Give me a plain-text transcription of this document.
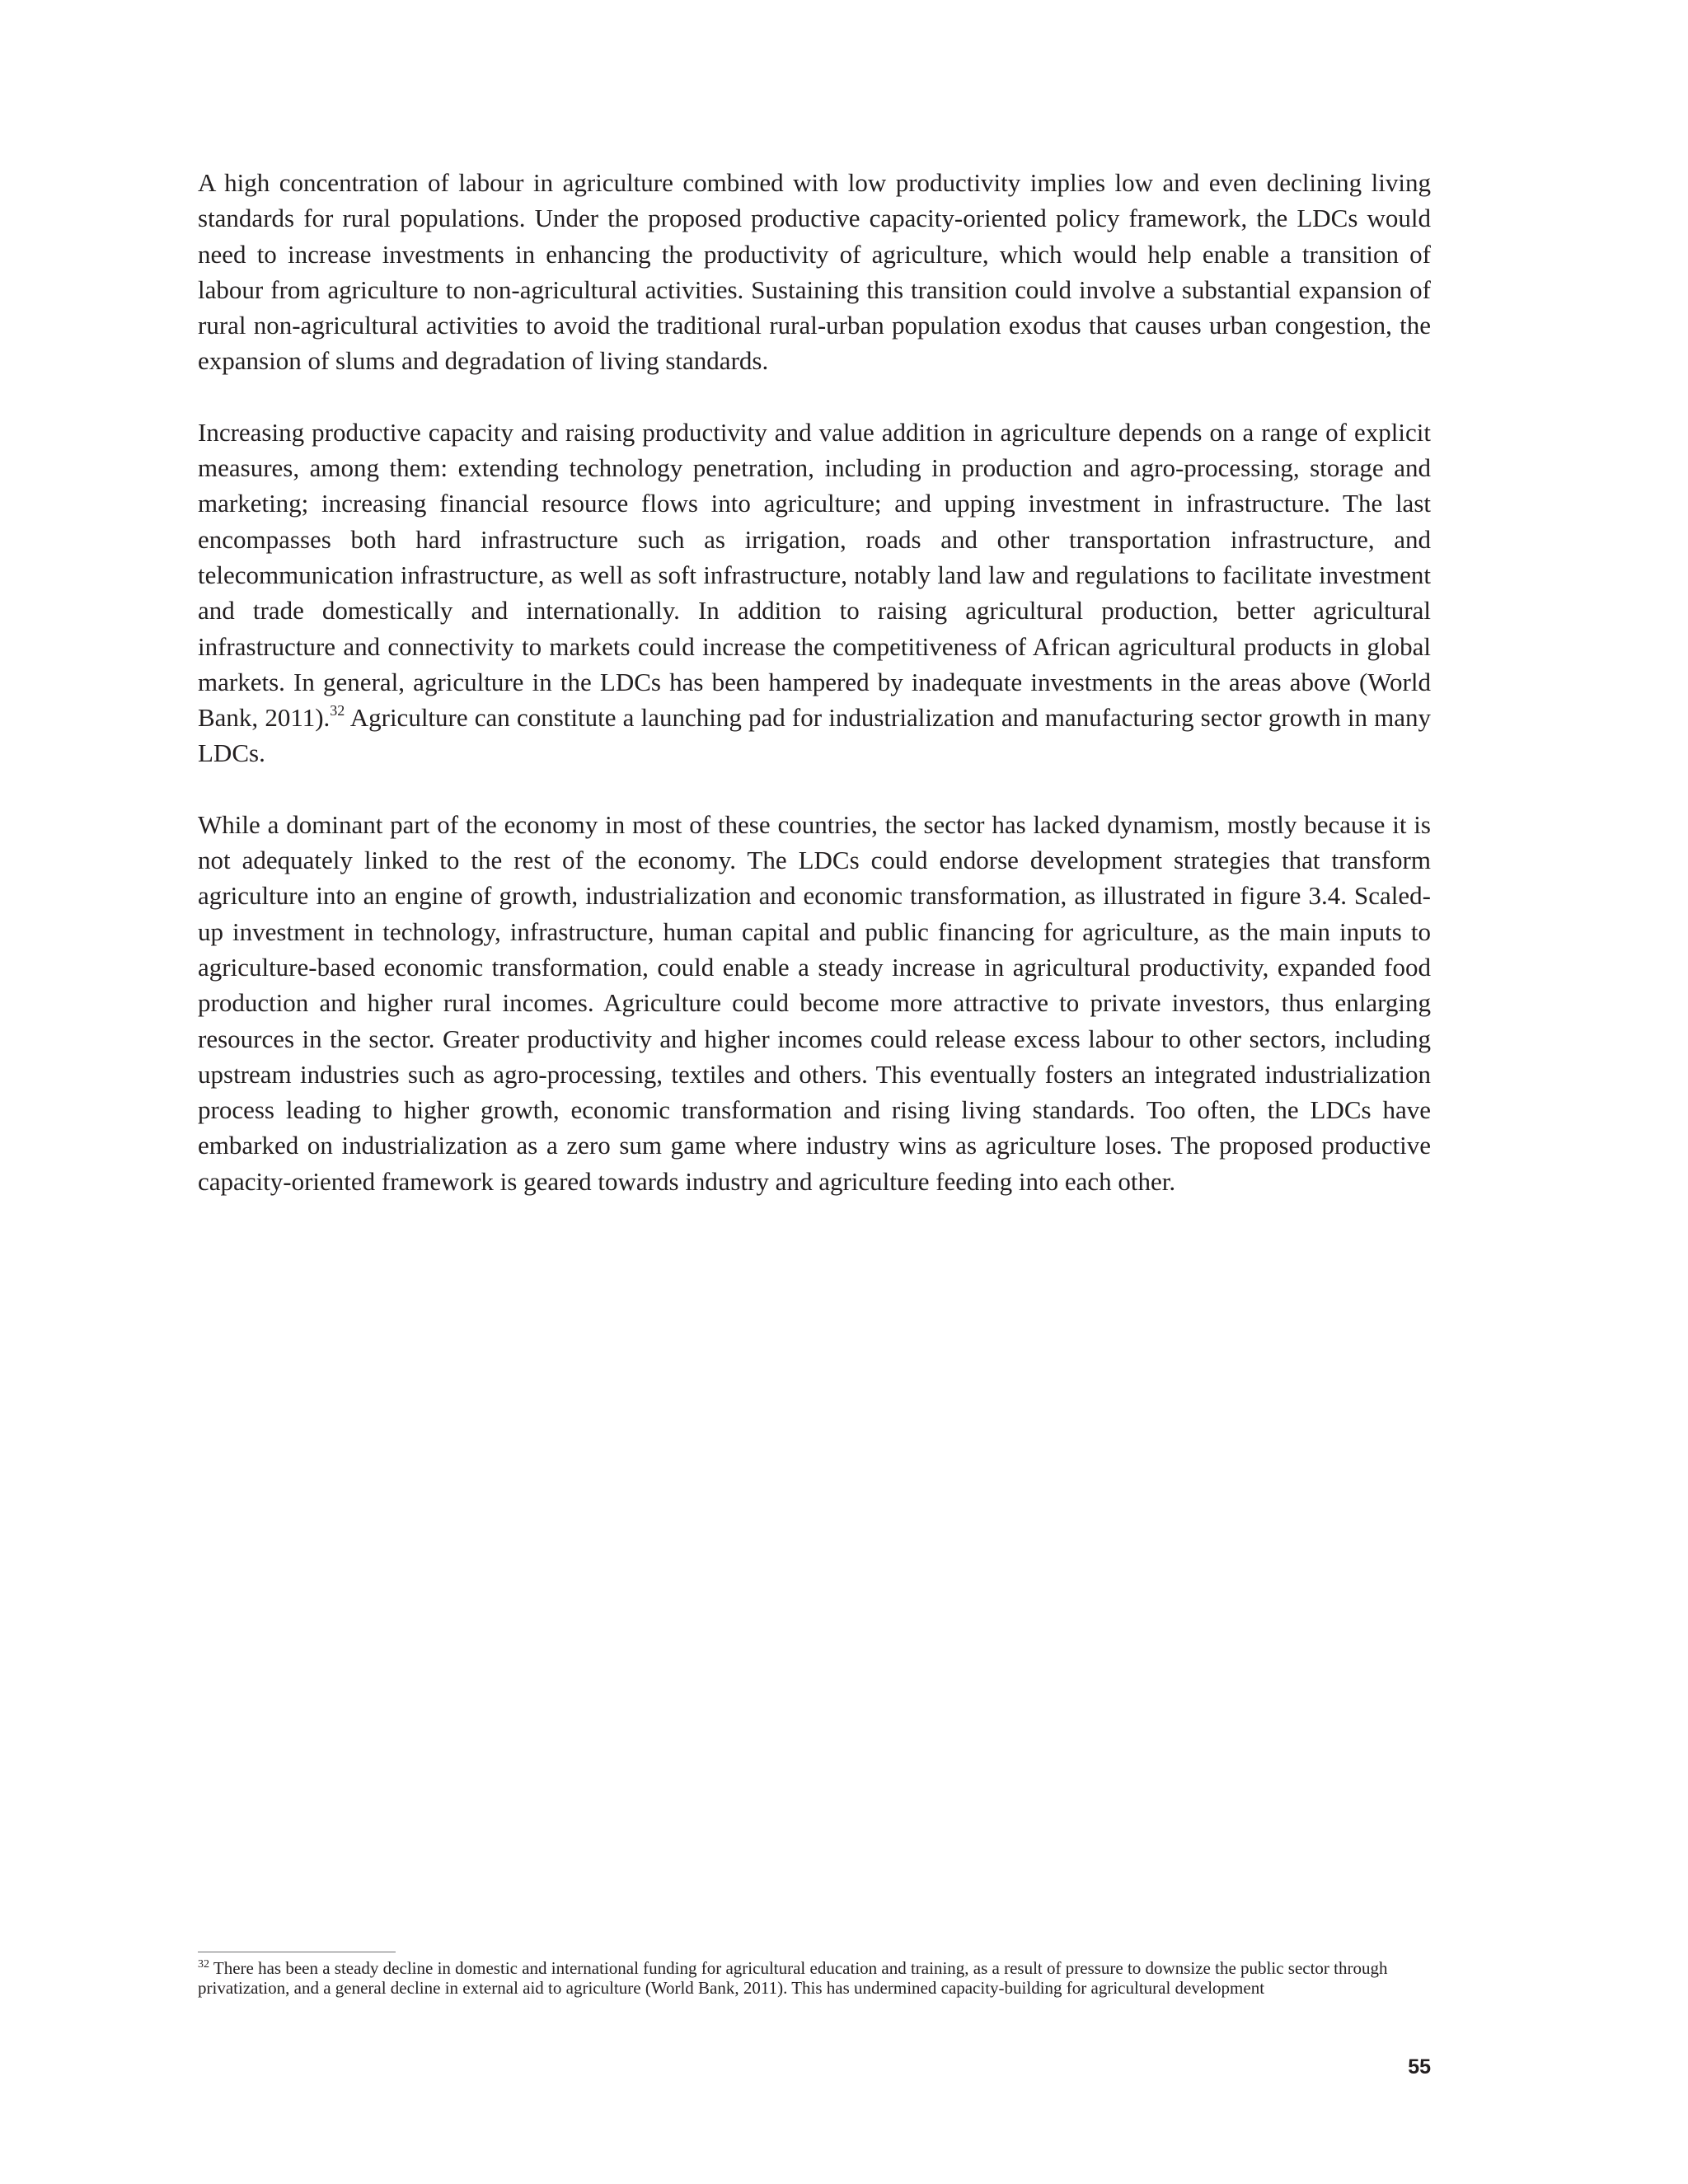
A high concentration of labour in agriculture combined with low productivity implies low and even declining living standards for rural populations. Under the proposed productive capacity-oriented policy framework, the LDCs would need to increase investments in enhancing the productivity of agriculture, which would help enable a transition of labour from agriculture to non-agricultural activities. Sustaining this transition could involve a substantial expansion of rural non-agricultural activities to avoid the traditional rural-urban population exodus that causes urban congestion, the expansion of slums and degradation of living standards.

Increasing productive capacity and raising productivity and value addition in agriculture depends on a range of explicit measures, among them: extending technology penetration, including in production and agro-processing, storage and marketing; increasing financial resource flows into agriculture; and upping investment in infrastructure. The last encompasses both hard infrastructure such as irrigation, roads and other transportation infrastructure, and telecommunication infrastructure, as well as soft infrastructure, notably land law and regulations to facilitate investment and trade domestically and internationally. In addition to raising agricultural production, better agricultural infrastructure and connectivity to markets could increase the competitiveness of African agricultural products in global markets. In general, agriculture in the LDCs has been hampered by inadequate investments in the areas above (World Bank, 2011).$^{32}$ Agriculture can constitute a launching pad for industrialization and manufacturing sector growth in many LDCs.

While a dominant part of the economy in most of these countries, the sector has lacked dynamism, mostly because it is not adequately linked to the rest of the economy. The LDCs could endorse development strategies that transform agriculture into an engine of growth, industrialization and economic transformation, as illustrated in figure 3.4. Scaled-up investment in technology, infrastructure, human capital and public financing for agriculture, as the main inputs to agriculture-based economic transformation, could enable a steady increase in agricultural productivity, expanded food production and higher rural incomes. Agriculture could become more attractive to private investors, thus enlarging resources in the sector. Greater productivity and higher incomes could release excess labour to other sectors, including upstream industries such as agro-processing, textiles and others. This eventually fosters an integrated industrialization process leading to higher growth, economic transformation and rising living standards. Too often, the LDCs have embarked on industrialization as a zero sum game where industry wins as agriculture loses. The proposed productive capacity-oriented framework is geared towards industry and agriculture feeding into each other.

$^{32}$ There has been a steady decline in domestic and international funding for agricultural education and training, as a result of pressure to downsize the public sector through privatization, and a general decline in external aid to agriculture (World Bank, 2011). This has undermined capacity-building for agricultural development
55
